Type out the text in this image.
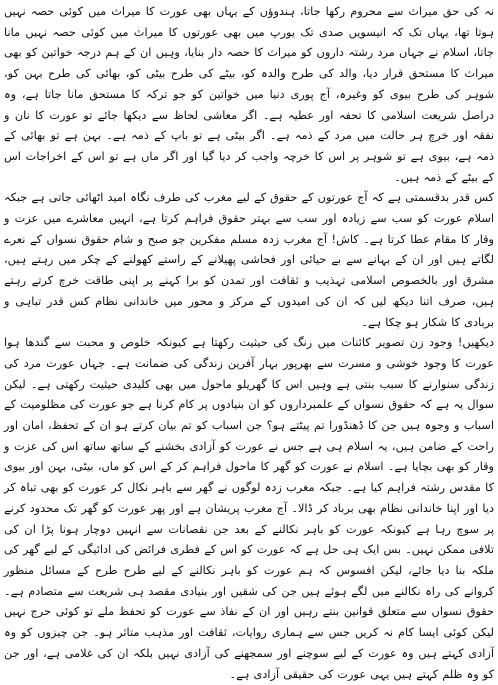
نہ کی حق میراث سے محروم رکھا جاتا، ہندوؤں کے یہاں بھی عورت کا میراث میں کوئی حصہ نہیں ہوتا تھا، یہاں تک کہ انیسویں صدی تک یورپ میں بھی عورتوں کا میراث میں کوئی حصہ نہیں مانا جاتا، اسلام نے جہاں مرد رشتہ داروں کو میراث کا حصہ دار بنایا، وہیں ان کے ہم درجہ خواتین کو بھی میراث کا مستحق قرار دیا، والد کی طرح والدہ کو، بیٹے کی طرح بیٹی کو، بھائی کی طرح بہن کو، شوہر کی طرح بیوی کو وغیرہ، آج پوری دنیا میں خواتین کو جو ترکہ کا مستحق مانا جاتا ہے، وہ دراصل شریعت اسلامی کا تحفہ اور عطیہ ہے۔ اگر معاشی لحاظ سے دیکھا جائے تو عورت کا نان و نفقہ اور خرچ ہر حالت میں مرد کے ذمہ ہے۔ اگر بیٹی ہے تو باپ کے ذمہ ہے۔ بہن ہے تو بھائی کے ذمہ ہے، بیوی ہے تو شوہر پر اس کا خرچہ واجب کر دیا گیا اور اگر ماں ہے تو اس کے اخراجات اس کے بیٹے کے ذمہ ہیں۔

کس قدر بدقسمتی ہے کہ آج عورتوں کے حقوق کے لیے مغرب کی طرف نگاہ امید اٹھائی جاتی ہے جبکہ اسلام عورت کو سب سے زیادہ اور سب سے بہتر حقوق فراہم کرتا ہے، انہیں معاشرے میں عزت و وقار کا مقام عطا کرتا ہے۔ کاش! آج مغرب زدہ مسلم مفکرین جو صبح و شام حقوق نسواں کے نعرے لگاتے ہیں اور ان کے بہانے سے بے حیائی اور فحاشی پھیلانے کے راستے کھولنے کے چکر میں رہتے ہیں، مشرق اور بالخصوص اسلامی تہذیب و ثقافت اور تمدن کو برا کہنے پر اپنی طاقت خرچ کرتے رہتے ہیں، صرف اتنا دیکھ لیں کہ ان کی امیدوں کے مرکز و محور میں خاندانی نظام کس قدر تباہی و بربادی کا شکار ہو چکا ہے۔

دیکھیں! وجود زن تصویر کائنات میں رنگ کی حیثیت رکھتا ہے کیونکہ خلوص و محبت سے گندھا ہوا عورت کا وجود خوشی و مسرت سے بھرپور بہار آفرین زندگی کی ضمانت ہے۔ جہاں عورت مرد کی زندگی سنوارنے کا سبب بنتی ہے وہیں اس کا گھریلو ماحول میں بھی کلیدی حیثیت رکھتی ہے۔ لیکن سوال یہ ہے کہ حقوق نسواں کے علمبرداروں کو ان بنیادوں پر کام کرنا ہے جو عورت کی مظلومیت کے اسباب و وجوہ ہیں جن کا ڈھنڈورا تم پیٹتے ہو؟ جن اسباب کو تم بیان کرتے ہو ان کے تحفظ، امان اور راحت کے ضامن ہیں، یہ اسلام ہی ہے جس نے عورت کو آزادی بخشنے کے ساتھ ساتھ اس کی عزت و وقار کو بھی بچایا ہے۔ اسلام نے عورت کو گھر کا ماحول فراہم کر کے اس کو ماں، بیٹی، بہن اور بیوی کا مقدس رشتہ فراہم کیا ہے۔ جبکہ مغرب زدہ لوگوں نے گھر سے باہر نکال کر عورت کو بھی تباہ کر دیا اور اپنا خاندانی نظام بھی برباد کر ڈالا۔ آج مغرب پریشان ہے اور پھر عورت کو گھر تک محدود کرنے پر سوچ رہا ہے کیونکہ عورت کو باہر نکالنے کے بعد جن نقصانات سے انہیں دوچار ہونا پڑا ان کی تلافی ممکن نہیں۔ بس ایک ہی حل ہے کہ عورت کو اس کے فطری فرائض کی ادائیگی کے لیے گھر کی ملکہ بنا دیا جائے، لیکن افسوس کہ ہم عورت کو باہر نکالنے کے لیے طرح طرح کے مسائل منظور کروانے کی راہ نکالنے میں لگے ہوئے ہیں جن کی شقیں اور بنیادی مقصد ہی شریعت سے متصادم ہے۔ حقوق نسواں سے متعلق قوانین بنتے رہیں اور ان کے نفاذ سے عورت کو تحفظ ملے تو کوئی حرج نہیں لیکن کوئی ایسا کام نہ کریں جس سے ہماری روایات، ثقافت اور مذہب متاثر ہو۔ جن چیزوں کو وہ آزادی کہتے ہیں وہ عورت کے لیے سوچنے اور سمجھنے کی آزادی نہیں بلکہ ان کی غلامی ہے، اور جن کو وہ ظلم کہتے ہیں یہی عورت کی حقیقی آزادی ہے۔
